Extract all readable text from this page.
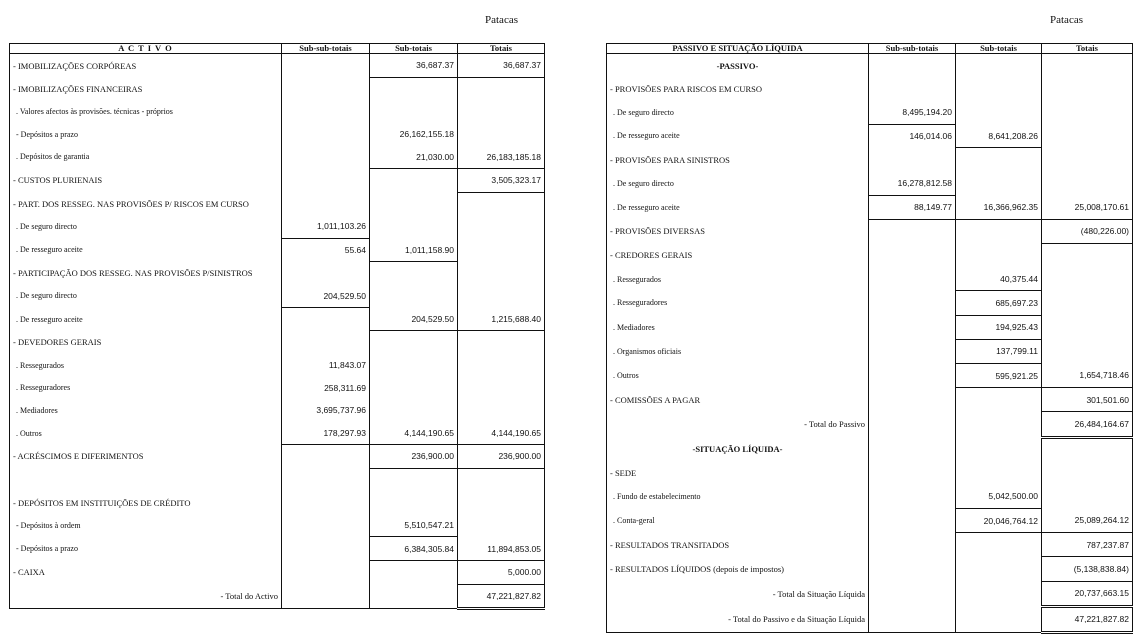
Patacas	Patacas
A C T I V O	Sub-sub-totais	Sub-totais	Totais
- IMOBILIZAÇÕES CORPÓREAS		36,687.37	36,687.37
- IMOBILIZAÇÕES FINANCEIRAS			
. Valores afectos às provisões. técnicas - próprios			
- Depósitos a prazo		26,162,155.18	
. Depósitos de garantia		21,030.00	26,183,185.18
- CUSTOS PLURIENAIS			3,505,323.17
- PART. DOS RESSEG. NAS PROVISÕES P/ RISCOS EM CURSO			
. De seguro directo	1,011,103.26		
. De resseguro aceite	55.64	1,011,158.90	
- PARTICIPAÇÃO DOS RESSEG. NAS PROVISÕES P/SINISTROS			
. De seguro directo	204,529.50		
. De resseguro aceite		204,529.50	1,215,688.40
- DEVEDORES GERAIS			
. Ressegurados	11,843.07		
. Resseguradores	258,311.69		
. Mediadores	3,695,737.96		
. Outros	178,297.93	4,144,190.65	4,144,190.65
- ACRÉSCIMOS E DIFERIMENTOS		236,900.00	236,900.00

- DEPÓSITOS EM INSTITUIÇÕES DE CRÉDITO			
- Depósitos à ordem		5,510,547.21	
- Depósitos a prazo		6,384,305.84	11,894,853.05
- CAIXA			5,000.00
- Total do Activo			47,221,827.82
PASSIVO E SITUAÇÃO LÍQUIDA	Sub-sub-totais	Sub-totais	Totais
-PASSIVO-			
- PROVISÕES PARA RISCOS EM CURSO			
. De seguro directo	8,495,194.20		
. De resseguro aceite	146,014.06	8,641,208.26	
- PROVISÕES PARA SINISTROS			
. De seguro directo	16,278,812.58		
. De resseguro aceite	88,149.77	16,366,962.35	25,008,170.61
- PROVISÕES DIVERSAS			(480,226.00)
- CREDORES GERAIS			
. Ressegurados		40,375.44	
. Resseguradores		685,697.23	
. Mediadores		194,925.43	
. Organismos oficiais		137,799.11	
. Outros		595,921.25	1,654,718.46
- COMISSÕES A PAGAR			301,501.60
- Total do Passivo			26,484,164.67
-SITUAÇÃO LÍQUIDA-			
- SEDE			
. Fundo de estabelecimento		5,042,500.00	
. Conta-geral		20,046,764.12	25,089,264.12
- RESULTADOS TRANSITADOS			787,237.87
- RESULTADOS LÍQUIDOS (depois de impostos)			(5,138,838.84)
- Total da Situação Líquida			20,737,663.15
- Total do Passivo e da Situação Líquida			47,221,827.82
